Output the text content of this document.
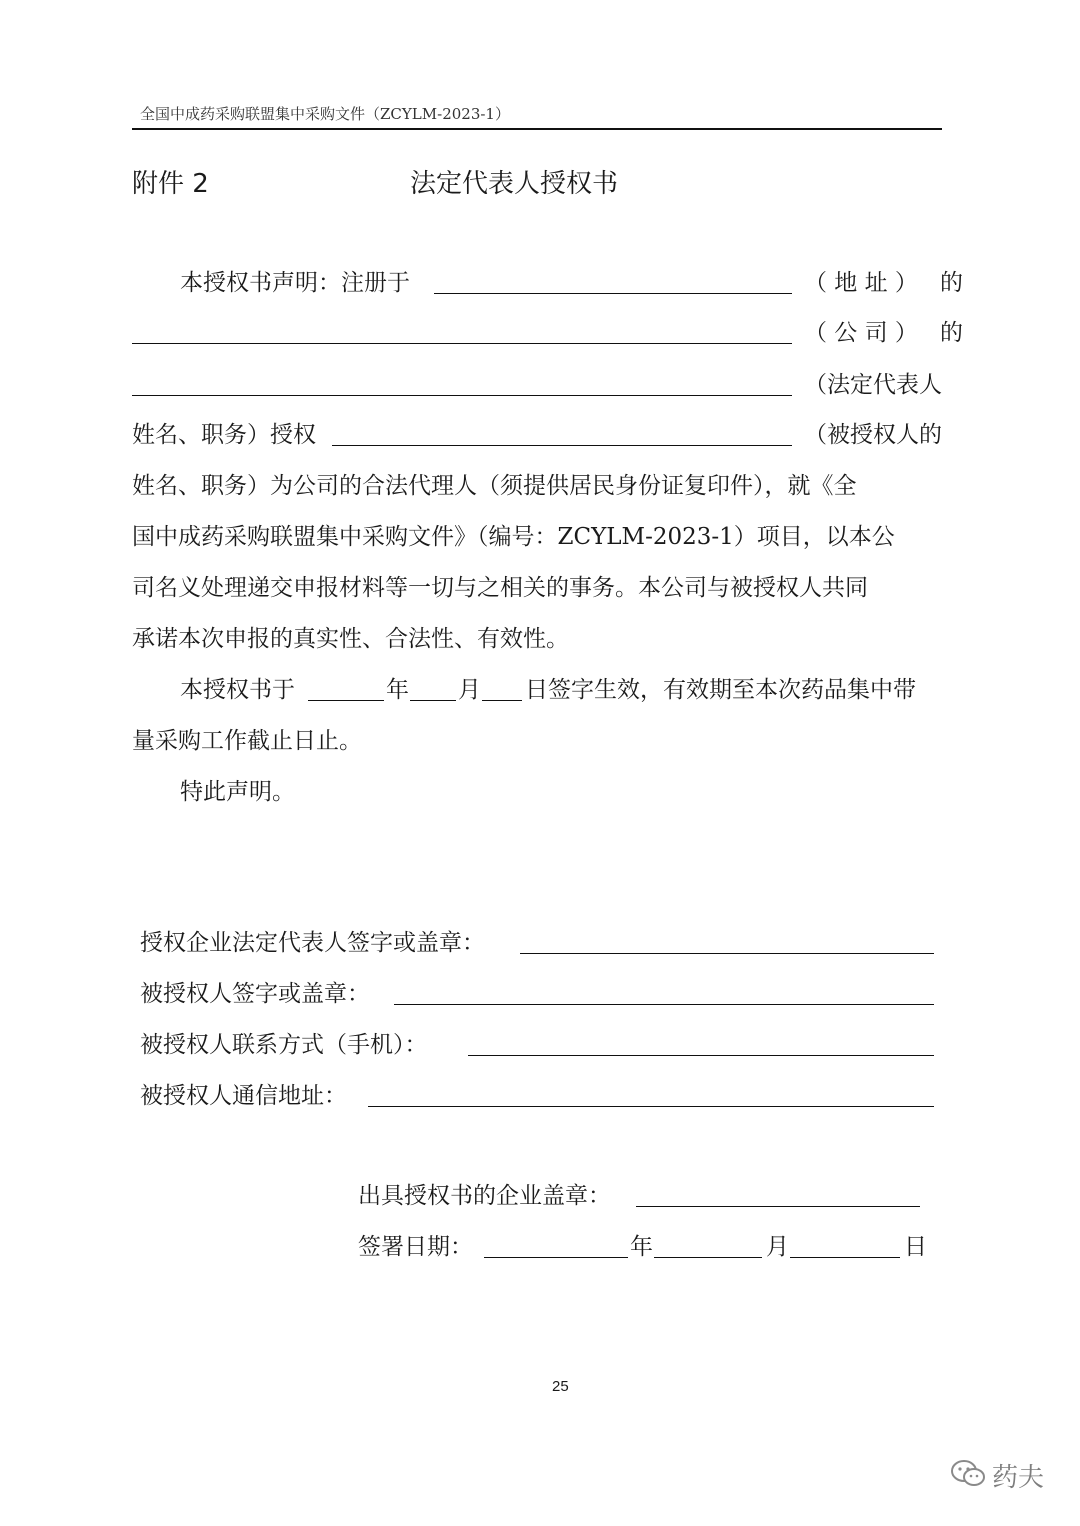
全国中成药采购联盟集中采购文件（ZCYLM-2023-1）
附件 2	法定代表人授权书
本授权书声明：注册于	（ 地 址 ） 的
（ 公 司 ） 的
（法定代表人
姓名、职务）授权	（被授权人的
姓名、职务）为公司的合法代理人（须提供居民身份证复印件），就《全
国中成药采购联盟集中采购文件》（编号：ZCYLM-2023-1）项目，以本公
司名义处理递交申报材料等一切与之相关的事务。本公司与被授权人共同
承诺本次申报的真实性、合法性、有效性。
本授权书于	年 月 日签字生效，有效期至本次药品集中带
量采购工作截止日止。
特此声明。
授权企业法定代表人签字或盖章：
被授权人签字或盖章：
被授权人联系方式（手机）：
被授权人通信地址：
出具授权书的企业盖章：
签署日期：	年	月	日
25
药夫
